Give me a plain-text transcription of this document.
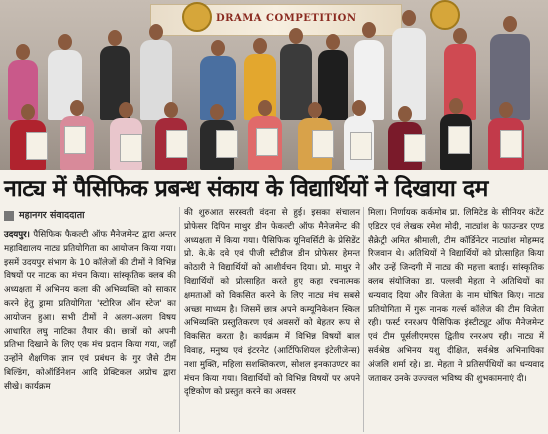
DRAMA COMPETITION
नाट्य में पैसिफिक प्रबन्ध संकाय के विद्यार्थियों ने दिखाया दम
महानगर संवाददाता

उदयपुर। पैसिफिक फैकल्टी ऑफ मैनेजमेन्ट द्वारा अन्तर महाविद्यालय नाट्य प्रतियोगिता का आयोजन किया गया। इसमें उदयपुर संभाग के 10 कॉलेजों की टीमों ने विभिन्न विषयों पर नाटक का मंचन किया। सांस्कृतिक क्लब की अध्यक्षता में अभिनय कला की अभिव्यक्ति को साकार करने हेतु ड्रामा प्रतियोगिता 'स्टोरिज ऑन स्टेज' का आयोजन हुआ। सभी टीमों ने अलग-अलग विषय आधारित लघु नाटिका तैयार की। छात्रों को अपनी प्रतिभा दिखाने के लिए एक मंच प्रदान किया गया, जहाँ उन्होंने शैक्षणिक ज्ञान एवं प्रबंधन के गुर जैसे टीम बिल्डिंग, कोऑर्डिनेशन आदि प्रेक्टिकल अप्रोच द्वारा सीखे। कार्यक्रम

की शुरुआत सरस्वती वंदना से हुई। इसका संचालन प्रोफेसर दिपिन माथुर डीन फेकल्टी ऑफ मैनेजमेन्ट की अध्यक्षता में किया गया। पैसिफिक यूनिवर्सिटी के प्रेसिडेंट प्रो. के.के दवे एवं पीजी स्टीडीज डीन प्रोफेसर हेमन्त कोठारी ने विद्यार्थियों को आशीर्वचन दिया। प्रो. माथुर ने विद्यार्थियों को प्रोत्साहित करते हुए कहा रचनात्मक क्षमताओं को विकसित करने के लिए नाट्य मंच सबसे अच्छा माध्यम है। जिसमें छात्र अपने कम्यूनिकेशन स्किल अभिव्यक्ति प्रस्तुतिकरण एवं अवसरों को बेहतर रूप से विकसित करता है। कार्यक्रम में विभिन्न विषयों बाल विवाह, मनुष्य एवं इंटरनेट (आर्टिफिशियल इंटेलीजेन्स) नशा मुक्ति, महिला सशक्तिकरण, सोशल इनकाउण्टर का मंचन किया गया। विद्यार्थियों को विभिन्न विषयों पर अपने दृष्टिकोण को प्रस्तुत करने का अवसर

मिला। निर्णायक कर्कमोब प्रा. लिमिटेड के सीनियर कंटेंट एडिटर एवं लेखक रमेश मोदी, नाट्यांश के फाउन्डर एण्ड सैक्रेट्री अमित श्रीमाली, टीम कॉर्डिनेटर नाट्यांश मोहम्मद रिजवान थे। अतिथियों ने विद्यार्थियों को प्रोत्साहित किया और उन्हें जिन्दगी में नाट्य की महत्ता बताई। सांस्कृतिक क्लब संयोजिका डा. पल्लवी मेहता ने अतिथियों का धन्यवाद दिया और विजेता के नाम घोषित किए। नाट्य प्रतियोगिता में गुरू नानक गर्ल्स कॉलेज की टीम विजेता रही। फर्स्ट रनरअप पैसिफिक इंस्टीट्यूट ऑफ मैनेजमेन्ट एवं टीम पूर्सलीएमएस द्वितीय रनरअप रही। नाट्य में सर्वश्रेष्ठ अभिनय यशु दीक्षित, सर्वश्रेष्ठ अभिनायिका अंजलि शर्मा रहे। डा. मेहता ने प्रतिसर्पधियों का धन्यवाद जताकर उनके उज्ज्वल भविष्य की शुभकामनाएं दी।
